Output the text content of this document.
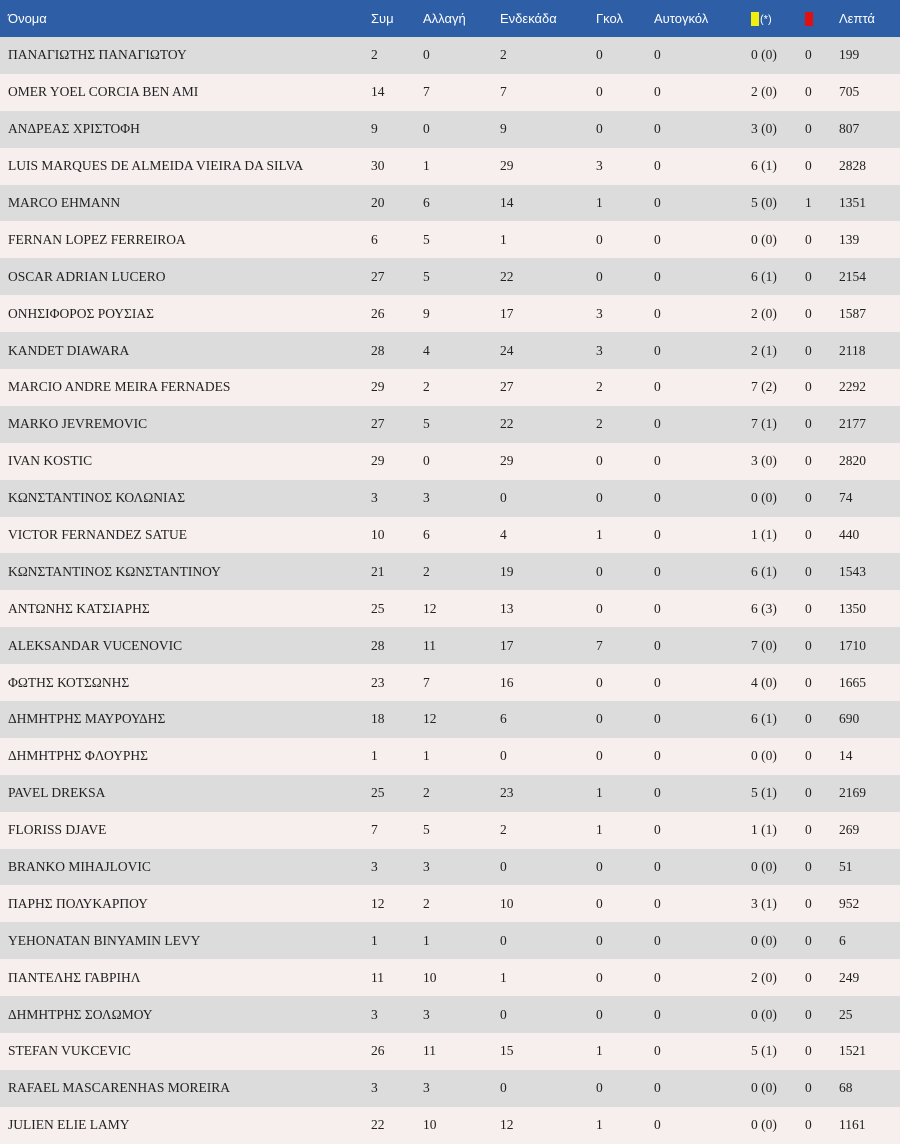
Όνομα	Συμ	Αλλαγή	Ενδεκάδα	Γκολ	Αυτογκόλ	(*)		Λεπτά
ΠΑΝΑΓΙΩΤΗΣ ΠΑΝΑΓΙΩΤΟΥ	2	0	2	0	0	0 (0)	0	199
OMER YOEL CORCIA BEN AMI	14	7	7	0	0	2 (0)	0	705
ΑΝΔΡΕΑΣ ΧΡΙΣΤΟΦΗ	9	0	9	0	0	3 (0)	0	807
LUIS MARQUES DE ALMEIDA VIEIRA DA SILVA	30	1	29	3	0	6 (1)	0	2828
MARCO EHMANN	20	6	14	1	0	5 (0)	1	1351
FERNAN LOPEZ FERREIROA	6	5	1	0	0	0 (0)	0	139
OSCAR ADRIAN LUCERO	27	5	22	0	0	6 (1)	0	2154
ΟΝΗΣΙΦΟΡΟΣ ΡΟΥΣΙΑΣ	26	9	17	3	0	2 (0)	0	1587
KANDET DIAWARA	28	4	24	3	0	2 (1)	0	2118
MARCIO ANDRE MEIRA FERNADES	29	2	27	2	0	7 (2)	0	2292
MARKO JEVREMOVIC	27	5	22	2	0	7 (1)	0	2177
IVAN KOSTIC	29	0	29	0	0	3 (0)	0	2820
ΚΩΝΣΤΑΝΤΙΝΟΣ ΚΟΛΩΝΙΑΣ	3	3	0	0	0	0 (0)	0	74
VICTOR FERNANDEZ SATUE	10	6	4	1	0	1 (1)	0	440
ΚΩΝΣΤΑΝΤΙΝΟΣ ΚΩΝΣΤΑΝΤΙΝΟΥ	21	2	19	0	0	6 (1)	0	1543
ΑΝΤΩΝΗΣ ΚΑΤΣΙΑΡΗΣ	25	12	13	0	0	6 (3)	0	1350
ALEKSANDAR VUCENOVIC	28	11	17	7	0	7 (0)	0	1710
ΦΩΤΗΣ ΚΟΤΣΩΝΗΣ	23	7	16	0	0	4 (0)	0	1665
ΔΗΜΗΤΡΗΣ ΜΑΥΡΟΥΔΗΣ	18	12	6	0	0	6 (1)	0	690
ΔΗΜΗΤΡΗΣ ΦΛΟΥΡΗΣ	1	1	0	0	0	0 (0)	0	14
PAVEL DREKSA	25	2	23	1	0	5 (1)	0	2169
FLORISS DJAVE	7	5	2	1	0	1 (1)	0	269
BRANKO MIHAJLOVIC	3	3	0	0	0	0 (0)	0	51
ΠΑΡΗΣ ΠΟΛΥΚΑΡΠΟΥ	12	2	10	0	0	3 (1)	0	952
YEHONATAN BINYAMIN LEVY	1	1	0	0	0	0 (0)	0	6
ΠΑΝΤΕΛΗΣ ΓΑΒΡΙΗΛ	11	10	1	0	0	2 (0)	0	249
ΔΗΜΗΤΡΗΣ ΣΟΛΩΜΟΥ	3	3	0	0	0	0 (0)	0	25
STEFAN VUKCEVIC	26	11	15	1	0	5 (1)	0	1521
RAFAEL MASCARENHAS MOREIRA	3	3	0	0	0	0 (0)	0	68
JULIEN ELIE LAMY	22	10	12	1	0	0 (0)	0	1161
